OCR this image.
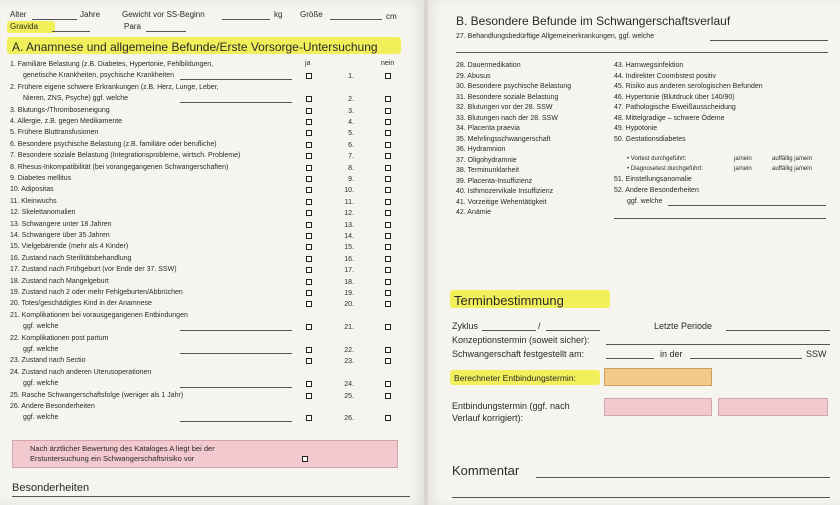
Alter	Jahre	Gewicht vor SS-Beginn	kg Größe	cm
Gravida	Para
A. Anamnese und allgemeine Befunde/Erste Vorsorge-Untersuchung
ja	nein
1. Familiäre Belastung (z.B. Diabetes, Hypertonie, Fehlbildungen,
genetische Krankheiten, psychische Krankheiten	1.
2. Frühere eigene schwere Erkrankungen (z.B. Herz, Lunge, Leber,
Nieren, ZNS, Psyche) ggf. welche	2.
3. Blutungs-/Thromboseneigung	3.
4. Allergie, z.B. gegen Medikamente	4.
5. Frühere Bluttransfusionen	5.
6. Besondere psychische Belastung (z.B. familiäre oder berufliche)	6.
7. Besondere soziale Belastung (Integrationsprobleme, wirtsch. Probleme)	7.
8. Rhesus-Inkompatibilität (bei vorangegangenen Schwangerschaften)	8.
9. Diabetes mellitus	9.
10. Adipositas	10.
11. Kleinwuchs	11.
12. Skelettanomalien	12.
13. Schwangere unter 18 Jahren	13.
14. Schwangere über 35 Jahren	14.
15. Vielgebärende (mehr als 4 Kinder)	15.
16. Zustand nach Sterilitätsbehandlung	16.
17. Zustand nach Frühgeburt (vor Ende der 37. SSW)	17.
18. Zustand nach Mangelgeburt	18.
19. Zustand nach 2 oder mehr Fehlgeburten/Abbrüchen	19.
20. Totes/geschädigtes Kind in der Anamnese	20.
21. Komplikationen bei vorausgegangenen Entbindungen
ggf. welche	21.
22. Komplikationen post partum
ggf. welche	22.
23. Zustand nach Sectio	23.
24. Zustand nach anderen Uterusoperationen
ggf. welche	24.
25. Rasche Schwangerschaftsfolge (weniger als 1 Jahr)	25.
26. Andere Besonderheiten
ggf. welche	26.
Nach ärztlicher Bewertung des Kataloges A liegt bei der
Erstuntersuchung ein Schwangerschaftsrisiko vor
Besonderheiten
B. Besondere Befunde im Schwangerschaftsverlauf
27. Behandlungsbedürftige Allgemeinerkrankungen, ggf. welche
28. Dauermedikation
29. Abusus
30. Besondere psychische Belastung
31. Besondere soziale Belastung
32. Blutungen vor der 28. SSW
33. Blutungen nach der 28. SSW
34. Placenta praevia
35. Mehrlingsschwangerschaft
36. Hydramnion
37. Oligohydramnie
38. Terminunklarheit
39. Placenta-Insuffizienz
40. Isthmozervikale Insuffizienz
41. Vorzeitige Wehentätigkeit
42. Anämie
43. Harnwegsinfektion
44. Indirekter Coombstest positiv
45. Risiko aus anderen serologischen Befunden
46. Hypertonie (Blutdruck über 140/90)
47. Pathologische Eiweißausscheidung
48. Mittelgradige – schwere Ödeme
49. Hypotonie
50. Gestationsdiabetes
• Vortest durchgeführt:	ja/nein	auffällig ja/nein
• Diagnosetest durchgeführt:	ja/nein	auffällig ja/nein
51. Einstellungsanomalie
52. Andere Besonderheiten
ggf. welche
Terminbestimmung
Zyklus	/	Letzte Periode
Konzeptionstermin (soweit sicher):
Schwangerschaft festgestellt am:	in der	SSW
Berechneter Entbindungstermin:
Entbindungstermin (ggf. nach
Verlauf korrigiert):
Kommentar
